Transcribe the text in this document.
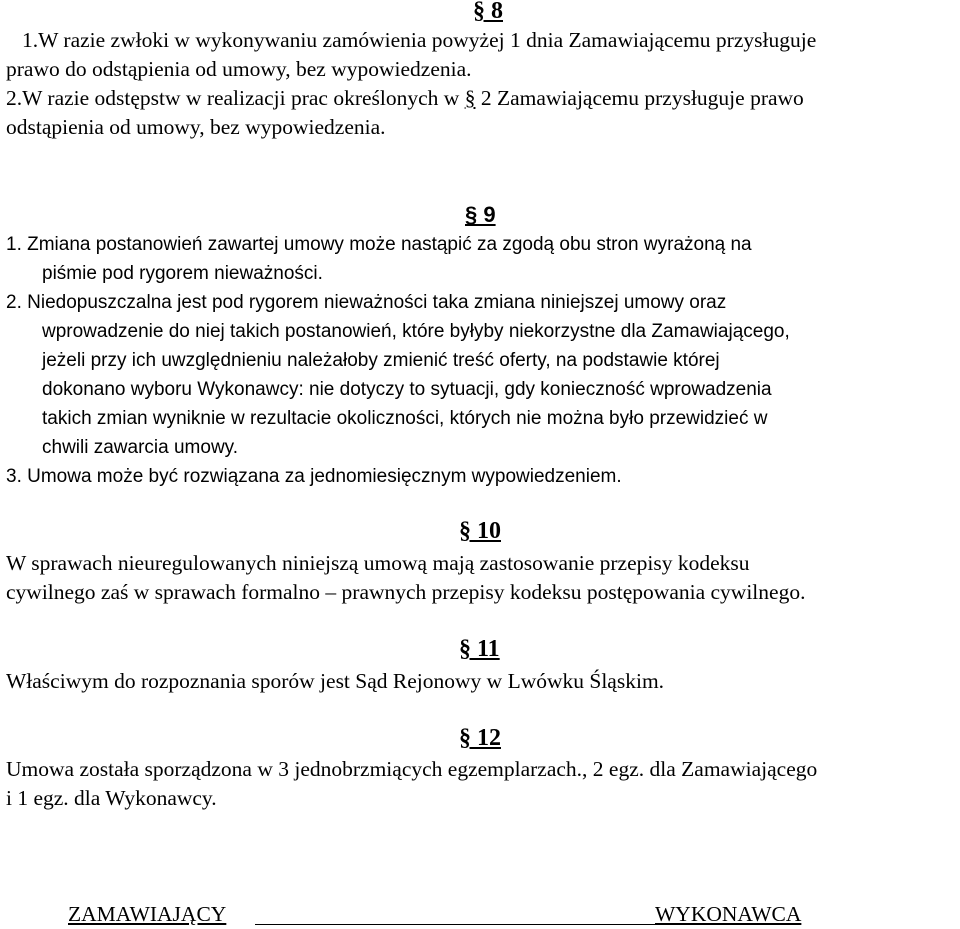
§ 8
1.W razie zwłoki w wykonywaniu zamówienia powyżej 1 dnia Zamawiającemu przysługuje
prawo do odstąpienia od umowy, bez wypowiedzenia.
2.W razie odstępstw w realizacji prac określonych w § 2 Zamawiającemu przysługuje prawo
odstąpienia od umowy, bez wypowiedzenia.
§ 9
1. Zmiana postanowień zawartej umowy może nastąpić za zgodą obu stron wyrażoną na
piśmie pod rygorem nieważności.
2. Niedopuszczalna jest pod rygorem nieważności taka zmiana niniejszej umowy oraz
wprowadzenie do niej takich postanowień, które byłyby niekorzystne dla Zamawiającego,
jeżeli przy ich uwzględnieniu należałoby zmienić treść oferty, na podstawie której
dokonano wyboru Wykonawcy: nie dotyczy to sytuacji, gdy konieczność wprowadzenia
takich zmian wyniknie w rezultacie okoliczności, których nie można było przewidzieć w
chwili zawarcia umowy.
3. Umowa może być rozwiązana za jednomiesięcznym wypowiedzeniem.
§ 10
W sprawach nieuregulowanych niniejszą umową mają zastosowanie przepisy kodeksu
cywilnego zaś w sprawach formalno – prawnych przepisy kodeksu postępowania cywilnego.
§ 11
Właściwym do rozpoznania sporów jest Sąd Rejonowy w Lwówku Śląskim.
§ 12
Umowa została sporządzona w 3 jednobrzmiących egzemplarzach., 2 egz. dla Zamawiającego
i 1 egz. dla Wykonawcy.
ZAMAWIAJĄCY	WYKONAWCA
